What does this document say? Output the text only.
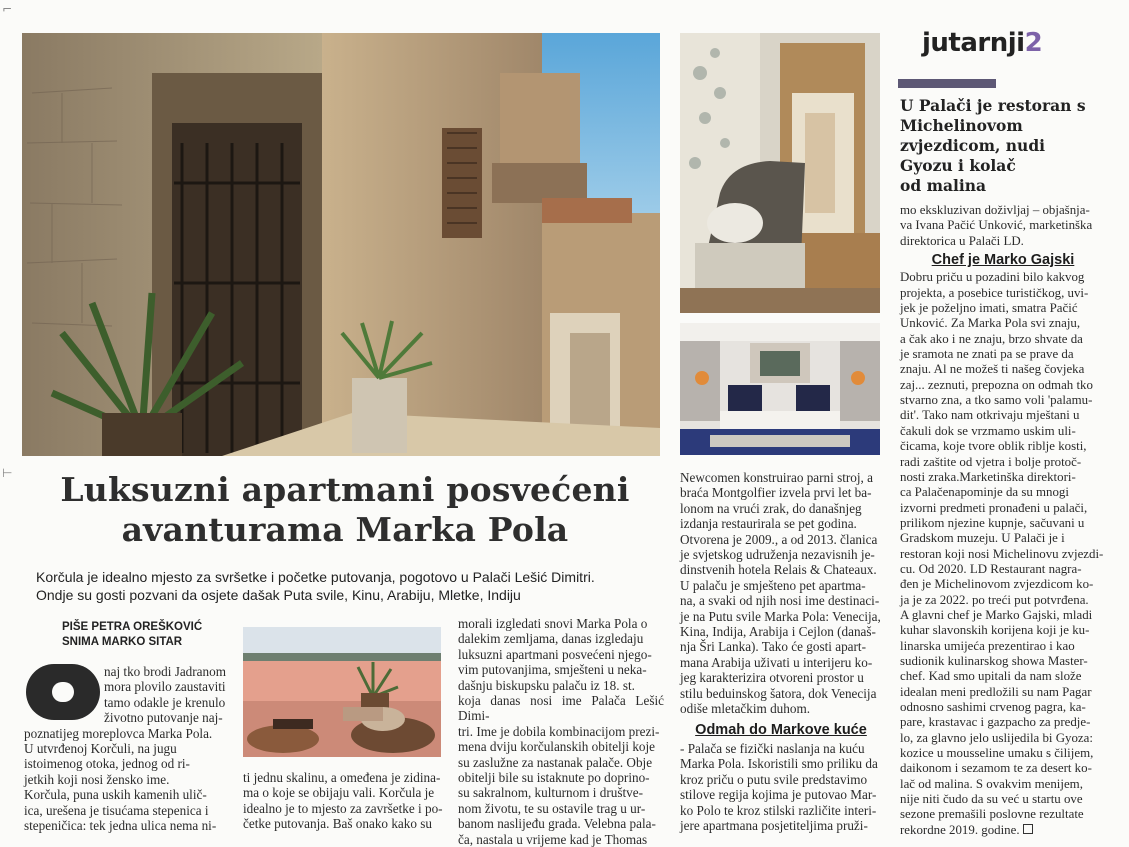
jutarnji2
U Palači je restoran s
Michelinovom
zvjezdicom, nudi
Gyozu i kolač
od malina
Luksuzni apartmani posvećeni
avanturama Marka Pola
Korčula je idealno mjesto za svršetke i početke putovanja, pogotovo u Palači Lešić Dimitri.
Ondje su gosti pozvani da osjete dašak Puta svile, Kinu, Arabiju, Mletke, Indiju
PIŠE PETRA OREŠKOVIĆ
SNIMA MARKO SITAR

naj tko brodi Jadranom

mora plovilo zaustaviti

tamo odakle je krenulo

životno putovanje naj-

poznatijeg moreplovca Marka Pola.

U utvrđenoj Korčuli, na jugu

istoimenog otoka, jednog od ri-

jetkih koji nosi žensko ime.

Korčula, puna uskih kamenih ulič-

ica, urešena je tisućama stepenica i

stepeničica: tek jedna ulica nema ni-

ti jednu skalinu, a omeđena je zidina-

ma o koje se obijaju vali. Korčula je

idealno je to mjesto za završetke i po-

četke putovanja. Baš onako kako su

morali izgledati snovi Marka Pola o

dalekim zemljama, danas izgledaju

luksuzni apartmani posvećeni njego-

vim putovanjima, smješteni u neka-

dašnju biskupsku palaču iz 18. st.

koja danas nosi ime Palača Lešić Dimi-

tri. Ime je dobila kombinacijom prezi-

mena dviju korčulanskih obitelji koje

su zaslužne za nastanak palače. Obje

obitelji bile su istaknute po doprino-

su sakralnom, kulturnom i društve-

nom životu, te su ostavile trag u ur-

banom naslijeđu grada. Velebna pala-

ča, nastala u vrijeme kad je Thomas

Newcomen konstruirao parni stroj, a

braća Montgolfier izvela prvi let ba-

lonom na vrući zrak, do današnjeg

izdanja restaurirala se pet godina.

Otvorena je 2009., a od 2013. članica

je svjetskog udruženja nezavisnih je-

dinstvenih hotela Relais & Chateaux.

U palaču je smješteno pet apartma-

na, a svaki od njih nosi ime destinaci-

je na Putu svile Marka Pola: Venecija,

Kina, Indija, Arabija i Cejlon (današ-

nja Šri Lanka). Tako će gosti apart-

mana Arabija uživati u interijeru ko-

jeg karakterizira otvoreni prostor u

stilu beduinskog šatora, dok Venecija

odiše mletačkim duhom.

Odmah do Markove kuće

- Palača se fizički naslanja na kuću

Marka Pola. Iskoristili smo priliku da

kroz priču o putu svile predstavimo

stilove regija kojima je putovao Mar-

ko Polo te kroz stilski različite interi-

jere apartmana posjetiteljima pruži-

mo ekskluzivan doživljaj – objašnja-

va Ivana Pačić Unković, marketinška

direktorica u Palači LD.

Chef je Marko Gajski

Dobru priču u pozadini bilo kakvog

projekta, a posebice turističkog, uvi-

jek je poželjno imati, smatra Pačić

Unković. Za Marka Pola svi znaju,

a čak ako i ne znaju, brzo shvate da

je sramota ne znati pa se prave da

znaju. Al ne možeš ti našeg čovjeka

zaj... zeznuti, prepozna on odmah tko

stvarno zna, a tko samo voli 'palamu-

dit'. Tako nam otkrivaju mještani u

čakuli dok se vrzmamo uskim uli-

čicama, koje tvore oblik riblje kosti,

radi zaštite od vjetra i bolje protoč-

nosti zraka.Marketinška direktori-

ca Palačenapominje da su mnogi

izvorni predmeti pronađeni u palači,

prilikom njezine kupnje, sačuvani u

Gradskom muzeju. U Palači je i

restoran koji nosi Michelinovu zvjezdi-

cu. Od 2020. LD Restaurant nagra-

đen je Michelinovom zvjezdicom ko-

ja je za 2022. po treći put potvrđena.

A glavni chef je Marko Gajski, mladi

kuhar slavonskih korijena koji je ku-

linarska umijeća prezentirao i kao

sudionik kulinarskog showa Master-

chef. Kad smo upitali da nam slože

idealan meni predložili su nam Pagar

odnosno sashimi crvenog pagra, ka-

pare, krastavac i gazpacho za predje-

lo, za glavno jelo uslijedila bi Gyoza:

kozice u mousseline umaku s čilijem,

daikonom i sezamom te za desert ko-

lač od malina. S ovakvim menijem,

nije niti čudo da su već u startu ove

sezone premašili poslovne rezultate

rekordne 2019. godine.

⊢
⌐
